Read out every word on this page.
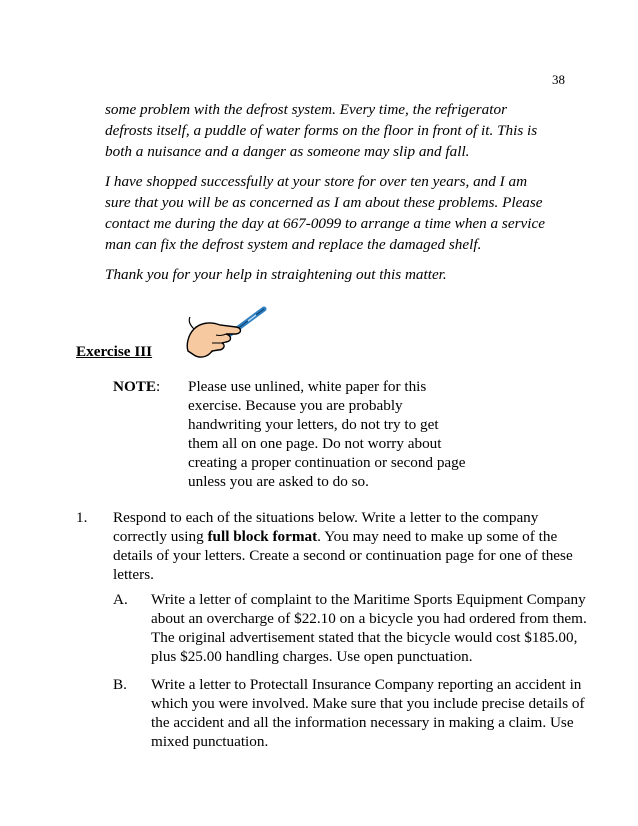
38
some problem with the defrost system. Every time, the refrigerator
defrosts itself, a puddle of water forms on the floor in front of it. This is
both a nuisance and a danger as someone may slip and fall.
I have shopped successfully at your store for over ten years, and I am
sure that you will be as concerned as I am about these problems. Please
contact me during the day at 667-0099 to arrange a time when a service
man can fix the defrost system and replace the damaged shelf.
Thank you for your help in straightening out this matter.
Exercise III
NOTE: Please use unlined, white paper for this
exercise. Because you are probably
handwriting your letters, do not try to get
them all on one page. Do not worry about
creating a proper continuation or second page
unless you are asked to do so.
1. Respond to each of the situations below. Write a letter to the company
correctly using full block format. You may need to make up some of the
details of your letters. Create a second or continuation page for one of these
letters.
A. Write a letter of complaint to the Maritime Sports Equipment Company
about an overcharge of $22.10 on a bicycle you had ordered from them.
The original advertisement stated that the bicycle would cost $185.00,
plus $25.00 handling charges. Use open punctuation.
B. Write a letter to Protectall Insurance Company reporting an accident in
which you were involved. Make sure that you include precise details of
the accident and all the information necessary in making a claim. Use
mixed punctuation.
